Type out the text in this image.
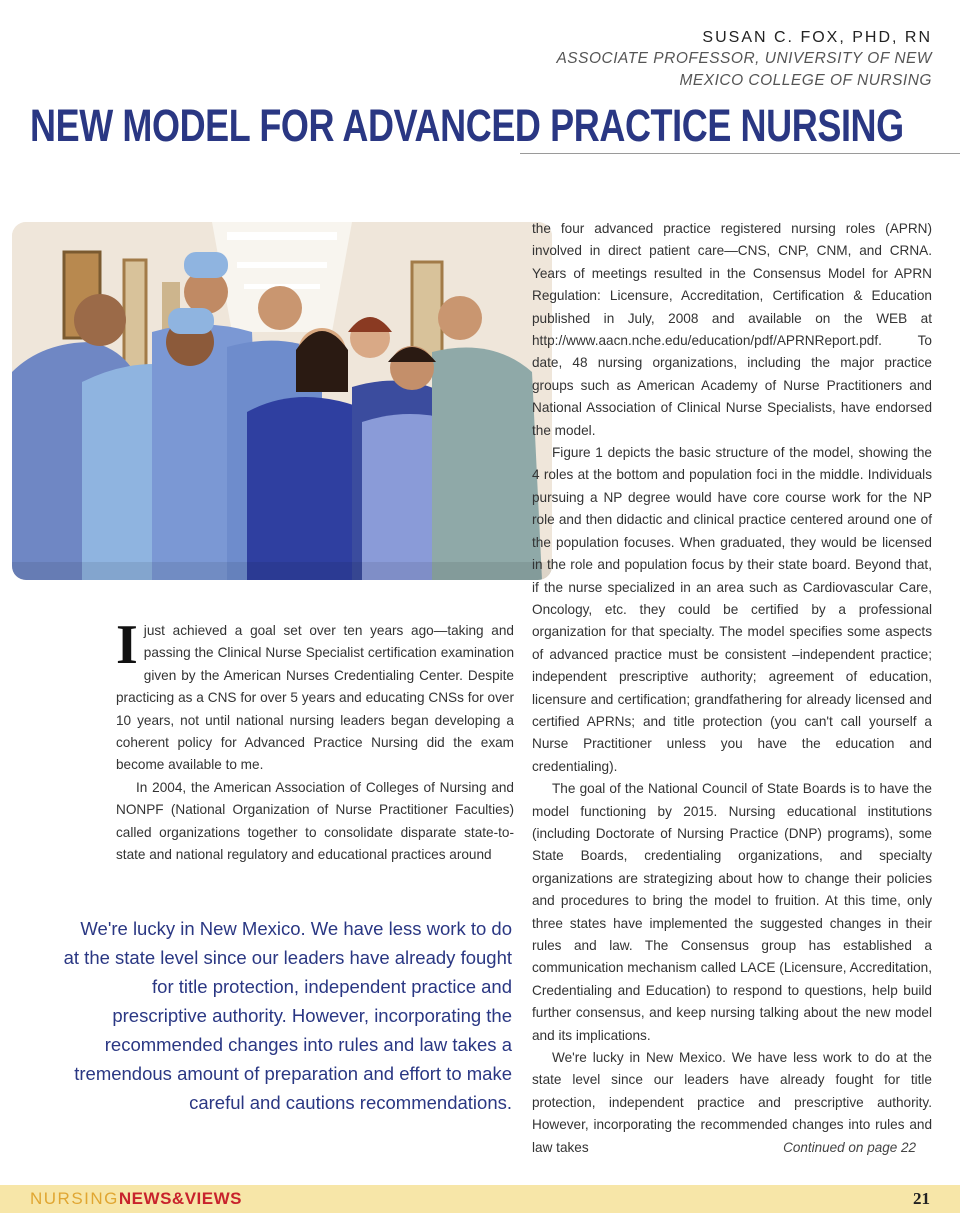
SUSAN C. FOX, PHD, RN
ASSOCIATE PROFESSOR, UNIVERSITY OF NEW
MEXICO COLLEGE OF NURSING
NEW MODEL FOR ADVANCED PRACTICE NURSING

Ijust achieved a goal set over ten years ago—taking and passing the Clinical Nurse Specialist certification examination given by the American Nurses Credentialing Center. Despite practicing as a CNS for over 5 years and educating CNSs for over 10 years, not until national nursing leaders began developing a coherent policy for Advanced Practice Nursing did the exam become available to me.

In 2004, the American Association of Colleges of Nursing and NONPF (National Organization of Nurse Practitioner Faculties) called organizations together to consolidate disparate state-to-state and national regulatory and educational practices around

We're lucky in New Mexico. We have less work to do at the state level since our leaders have already fought for title protection, independent practice and prescriptive authority. However, incorporating the recommended changes into rules and law takes a tremendous amount of preparation and effort to make careful and cautions recommendations.

the four advanced practice registered nursing roles (APRN) involved in direct patient care—CNS, CNP, CNM, and CRNA. Years of meetings resulted in the Consensus Model for APRN Regulation: Licensure, Accreditation, Certification & Education published in July, 2008 and available on the WEB at http://www.aacn.nche.edu/education/pdf/APRNReport.pdf. To date, 48 nursing organizations, including the major practice groups such as American Academy of Nurse Practitioners and National Association of Clinical Nurse Specialists, have endorsed the model.

Figure 1 depicts the basic structure of the model, showing the 4 roles at the bottom and population foci in the middle. Individuals pursuing a NP degree would have core course work for the NP role and then didactic and clinical practice centered around one of the population focuses. When graduated, they would be licensed in the role and population focus by their state board. Beyond that, if the nurse specialized in an area such as Cardiovascular Care, Oncology, etc. they could be certified by a professional organization for that specialty. The model specifies some aspects of advanced practice must be consistent –independent practice; independent prescriptive authority; agreement of education, licensure and certification; grandfathering for already licensed and certified APRNs; and title protection (you can't call yourself a Nurse Practitioner unless you have the education and credentialing).

The goal of the National Council of State Boards is to have the model functioning by 2015. Nursing educational institutions (including Doctorate of Nursing Practice (DNP) programs), some State Boards, credentialing organizations, and specialty organizations are strategizing about how to change their policies and procedures to bring the model to fruition. At this time, only three states have implemented the suggested changes in their rules and law. The Consensus group has established a communication mechanism called LACE (Licensure, Accreditation, Credentialing and Education) to respond to questions, help build further consensus, and keep nursing talking about the new model and its implications.

We're lucky in New Mexico. We have less work to do at the state level since our leaders have already fought for title protection, independent practice and prescriptive authority. However, incorporating the recommended changes into rules and law takes	Continued on page 22
NURSINGNEWS&VIEWS	21
